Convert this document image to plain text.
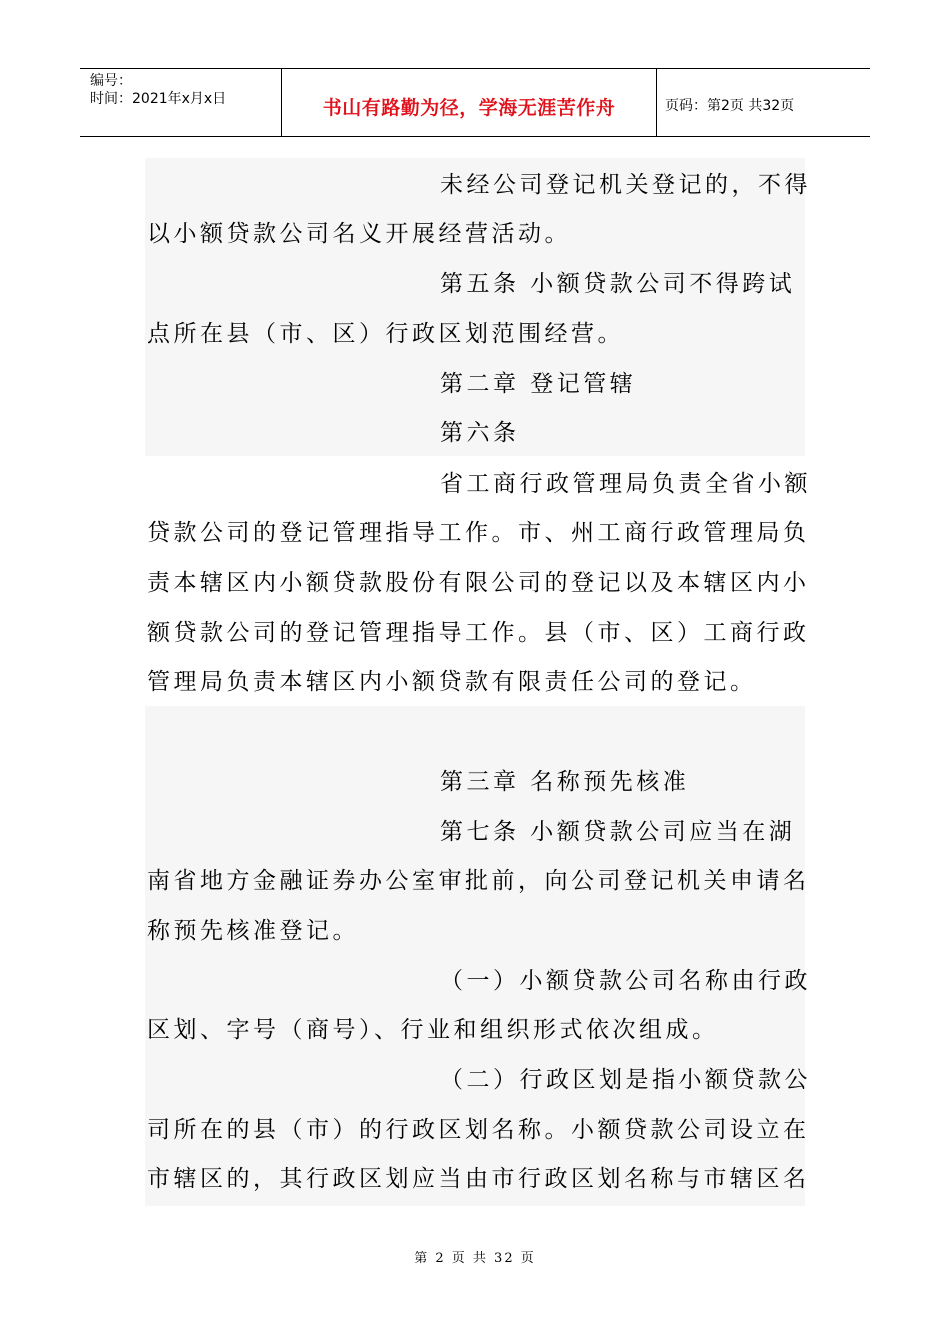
编号：
时间：2021年x月x日	书山有路勤为径，学海无涯苦作舟	页码：第2页 共32页
未经公司登记机关登记的，不得
以小额贷款公司名义开展经营活动。
第五条 小额贷款公司不得跨试
点所在县（市、区）行政区划范围经营。
第二章 登记管辖
第六条
省工商行政管理局负责全省小额
贷款公司的登记管理指导工作。市、州工商行政管理局负
责本辖区内小额贷款股份有限公司的登记以及本辖区内小
额贷款公司的登记管理指导工作。县（市、区）工商行政
管理局负责本辖区内小额贷款有限责任公司的登记。
第三章 名称预先核准
第七条 小额贷款公司应当在湖
南省地方金融证券办公室审批前，向公司登记机关申请名
称预先核准登记。
（一）小额贷款公司名称由行政
区划、字号（商号）、行业和组织形式依次组成。
（二）行政区划是指小额贷款公
司所在的县（市）的行政区划名称。小额贷款公司设立在
市辖区的，其行政区划应当由市行政区划名称与市辖区名
第 2 页 共 32 页
